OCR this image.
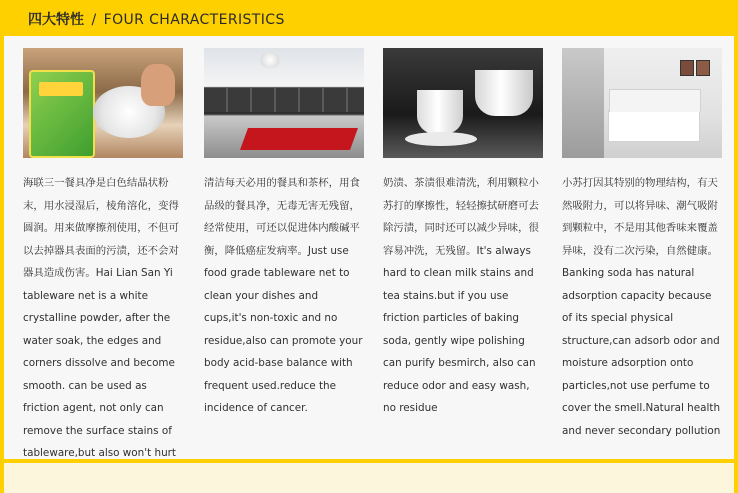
四大特性 / FOUR CHARACTERISTICS
海联三一餐具净是白色结晶状粉末，用水浸湿后，棱角溶化，变得圆润。用来做摩擦剂使用，不但可以去掉器具表面的污渍，还不会对器具造成伤害。Hai Lian San Yi tableware net is a white crystalline powder, after the water soak, the edges and corners dissolve and become smooth. can be used as friction agent, not only can remove the surface stains of tableware,but also won't hurt
清洁每天必用的餐具和茶杯，用食品级的餐具净，无毒无害无残留，经常使用，可还以促进体内酸碱平衡，降低癌症发病率。Just use food grade tableware net to clean your dishes and cups,it's non-toxic and no residue,also can promote your body acid-base balance with frequent used.reduce the incidence of cancer.
奶渍、茶渍很难清洗，利用颗粒小苏打的摩擦性，轻轻擦拭研磨可去除污渍，同时还可以减少异味，很容易冲洗，无残留。It's always hard to clean milk stains and tea stains.but if you use friction particles of baking soda, gently wipe polishing can purify besmirch, also can reduce odor and easy wash, no residue
小苏打因其特别的物理结构，有天然吸附力，可以将异味、潮气吸附到颗粒中，不是用其他香味来覆盖异味，没有二次污染，自然健康。Banking soda has natural adsorption capacity because of its special physical structure,can adsorb odor and moisture adsorption onto particles,not use perfume to cover the smell.Natural health and never secondary pollution
